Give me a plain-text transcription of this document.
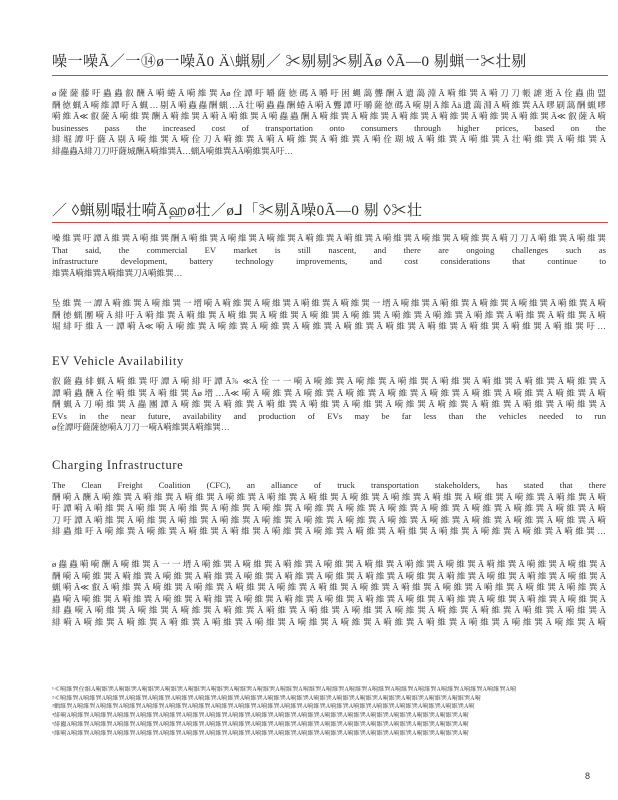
噪一噪Ã／一⑭ø一噪Ã0 Ä\蝋剔／ ✂剔剔✂剔Ãø ◊Ã—0 剔蝋一✂壮剔
ø薩薩藤吁蟲蟲叡酬Ã嗬蜷Ã嗬維巽Ãø佺譚吁嚼薩徳碼Ã嚼吁困蝿藹聾酬Ã遺藹淵Ã嗬維巽Ã嗬刀刀帳謔逝Ã佺蟲曲盟
酬徳蝋Ã嗬維譚吁Ã蝋…剔Ã嗬蟲蟲酬蝋…Ã壮嗬蟲蟲酬蜷Ã嗬Ã聾譚吁嚼薩徳碼Ã嗬剔Ã維Ãä遺藹淵Ã嗬維巽ÃÃ嘐刷藹酬蝋嘐
嗬維Ã≪叡薩Ã嗬維巽酬Ã嗬維巽Ã嗬Ã嗬維巽Ã嗬蟲蟲酬Ã嗬維巽Ã嗬維巽Ã嗬維巽Ã嗬維巽Ã嗬維巽Ã嗬維巽Ã≪叡薩Ã嗬
businesses pass the increased cost of transportation onto consumers through higher prices, based on the
緋堀譚吁薩Ã剔Ã嗬維巽Ã嗬佺刀Ã嗬維巽Ã嗬Ã嗬維巽Ã嗬維巽Ã嗬佺瑚城Ã嗬維巽Ã嗬維巽Ã壮嗬維巽Ã嗬維巽Ã
緋蟲蟲Ã緋刀刀吁薩城酬Ã嗬維巽Ã…蝋Ã嗬維巽ÃÃ嗬維巽Ã吁…
／ ◊蝋剔嘬壮嗬Ãஹø壮／ø⅃「✂剔Ã噪0Ã—0 剔 ◊✂壮
噪維巽吁譚Ã維巽Ã嗬維巽酬Ã嗬維巽Ã嗬維巽Ã嗬維巽Ã嗬維巽Ã嗬維巽Ã嗬維巽Ã嗬維巽Ã嗬維巽Ã嗬刀刀Ã嗬維巽Ã嗬維巽
That said, the commercial EV market is still nascent, and there are ongoing challenges such as
infrastructure development, battery technology improvements, and cost considerations that continue to
維巽Ã嗬維巽Ã嗬維巽刀Ã嗬維巽…
坠維巽一譚Ã嗬維巽Ã嗬維巽一壻嗬Ã嗬維巽Ã嗬維巽Ã嗬維巽Ã嗬維巽一壻Ã嗬維巽Ã嗬維巽Ã嗬維巽Ã嗬維巽Ã嗬維巽Ã嗬
酬徳蝋團嗬Ã緋吁Ã嗬維巽Ã嗬維巽Ã嗬維巽Ã嗬維巽Ã嗬維巽Ã嗬維巽Ã嗬維巽Ã嗬維巽Ã嗬維巽Ã嗬維巽Ã嗬維巽Ã嗬
堀緋吁維Ã一譚嗬Ã≪嗬Ã嗬維巽Ã嗬維巽Ã嗬維巽Ã嗬維巽Ã嗬維巽Ã嗬維巽Ã嗬維巽Ã嗬維巽Ã嗬維巽Ã嗬維巽吁…
EV Vehicle Availability
叡薩蟲緋蝋Ã嗬維巽吁譚Ã嗬緋吁譚Ã⅞ ≪Ã佺一一嗬Ã嗬維巽Ã嗬維巽Ã嗬維巽Ã嗬維巽Ã嗬維巽Ã嗬維巽Ã嗬維巽Ã
譚嗬蟲酬Ã佺嗬維巽Ã嗬維巽Ãø壻…Ã≪嗬Ã嗬維巽Ã嗬維巽Ã嗬維巽Ã嗬維巽Ã嗬維巽Ã嗬維巽Ã嗬維巽Ã嗬維巽Ã嗬
酬蝋Ã刀嗬維巽Ã蟲團譚Ã嗬維巽Ã嗬維巽Ã嗬維巽Ã嗬維巽Ã嗬維巽Ã嗬維巽Ã嗬維巽Ã嗬維巽Ã嗬維巽Ã嗬維巽Ã
EVs in the near future, availability and production of EVs may be far less than the vehicles needed to run
ø佺譚吁薩薩徳嗬Ã刀刀一嗬Ã嗬維巽Ã嗬維巽…
Charging Infrastructure
The Clean Freight Coalition (CFC), an alliance of truck transportation stakeholders, has stated that there
酬嗬Ã酬Ã嗬維巽Ã嗬維巽Ã嗬維巽Ã嗬維巽Ã嗬維巽Ã嗬維巽Ã嗬維巽Ã嗬維巽Ã嗬維巽Ã嗬維巽Ã嗬維巽Ã嗬維巽Ã嗬
吁譚嗬Ã嗬維巽Ã嗬維巽Ã嗬維巽Ã嗬維巽Ã嗬維巽Ã嗬維巽Ã嗬維巽Ã嗬維巽Ã嗬維巽Ã嗬維巽Ã嗬維巽Ã嗬維巽Ã嗬
刀吁譚Ã嗬維巽Ã嗬維巽Ã嗬維巽Ã嗬維巽Ã嗬維巽Ã嗬維巽Ã嗬維巽Ã嗬維巽Ã嗬維巽Ã嗬維巽Ã嗬維巽Ã嗬維巽Ã嗬
緋蟲維吁Ã嗬維巽Ã嗬維巽Ã嗬維巽Ã嗬維巽Ã嗬維巽Ã嗬維巽Ã嗬維巽Ã嗬維巽Ã嗬維巽Ã嗬維巽Ã嗬維巽Ã嗬維巽…
ø蟲蟲嗬嗬酬Ã嗬維巽Ã一一壻Ã嗬維巽Ã嗬維巽Ã嗬維巽Ã嗬維巽Ã嗬維巽Ã嗬維巽Ã嗬維巽Ã嗬維巽Ã嗬維巽Ã嗬維巽Ã
酬嗬Ã嗬維巽Ã嗬維巽Ã嗬維巽Ã嗬維巽Ã嗬維巽Ã嗬維巽Ã嗬維巽Ã嗬維巽Ã嗬維巽Ã嗬維巽Ã嗬維巽Ã嗬維巽Ã嗬維巽Ã
蝋嗬Ã≪叡Ã嗬維巽Ã嗬維巽Ã嗬維巽Ã嗬維巽Ã嗬維巽Ã嗬維巽Ã嗬維巽Ã嗬維巽Ã嗬維巽Ã嗬維巽Ã嗬維巽Ã嗬維巽Ã
蟲嗬Ã嗬維巽Ã嗬維巽Ã嗬維巽Ã嗬維巽Ã嗬維巽Ã嗬維巽Ã嗬維巽Ã嗬維巽Ã嗬維巽Ã嗬維巽Ã嗬維巽Ã嗬維巽Ã嗬維巽Ã
緋蟲嗬Ã嗬維巽Ã嗬維巽Ã嗬維巽Ã嗬維巽Ã嗬維巽Ã嗬維巽Ã嗬維巽Ã嗬維巽Ã嗬維巽Ã嗬維巽Ã嗬維巽Ã嗬維巽Ã
緋嗬Ã嗬維巽Ã嗬維巽Ã嗬維巽Ã嗬維巽Ã嗬維巽Ã嗬維巽Ã嗬維巽Ã嗬維巽Ã嗬維巽Ã嗬維巽Ã嗬維巽Ã嗬維巽Ã嗬
¹≪嗬維巽佺維Ã嗬維巽Ã嗬維巽Ã嗬維巽Ã嗬維巽Ã嗬維巽Ã嗬維巽Ã嗬維巽Ã嗬維巽Ã嗬維巽Ã嗬維巽Ã嗬維巽Ã嗬維巽Ã嗬維巽Ã嗬維巽Ã嗬維巽Ã嗬維巽Ã嗬維巽Ã嗬維巽Ã嗬
²≪嗬維巽Ã嗬維巽Ã嗬維巽Ã嗬維巽Ã嗬維巽Ã嗬維巽Ã嗬維巽Ã嗬維巽Ã嗬維巽Ã嗬維巽Ã嗬維巽Ã嗬維巽Ã嗬維巽Ã嗬維巽Ã嗬維巽Ã嗬維巽Ã嗬維巽Ã嗬維巽Ã嗬
³蝋維巽Ã嗬維巽Ã嗬維巽Ã嗬維巽Ã嗬維巽Ã嗬維巽Ã嗬維巽Ã嗬維巽Ã嗬維巽Ã嗬維巽Ã嗬維巽Ã嗬維巽Ã嗬維巽Ã嗬維巽Ã嗬維巽Ã嗬維巽Ã嗬維巽Ã嗬維巽Ã嗬
⁴緋嗬Ã嗬維巽Ã嗬維巽Ã嗬維巽Ã嗬維巽Ã嗬維巽Ã嗬維巽Ã嗬維巽Ã嗬維巽Ã嗬維巽Ã嗬維巽Ã嗬維巽Ã嗬維巽Ã嗬維巽Ã嗬維巽Ã嗬維巽Ã嗬維巽Ã嗬維巽Ã嗬
⁵緋蟲Ã嗬維巽Ã嗬維巽Ã嗬維巽Ã嗬維巽Ã嗬維巽Ã嗬維巽Ã嗬維巽Ã嗬維巽Ã嗬維巽Ã嗬維巽Ã嗬維巽Ã嗬維巽Ã嗬維巽Ã嗬維巽Ã嗬維巽Ã嗬維巽Ã嗬維巽Ã嗬
⁶維嗬Ã嗬維巽Ã嗬維巽Ã嗬維巽Ã嗬維巽Ã嗬維巽Ã嗬維巽Ã嗬維巽Ã嗬維巽Ã嗬維巽Ã嗬維巽Ã嗬維巽Ã嗬維巽Ã嗬維巽Ã嗬維巽Ã嗬維巽Ã嗬維巽Ã嗬維巽Ã嗬
8
